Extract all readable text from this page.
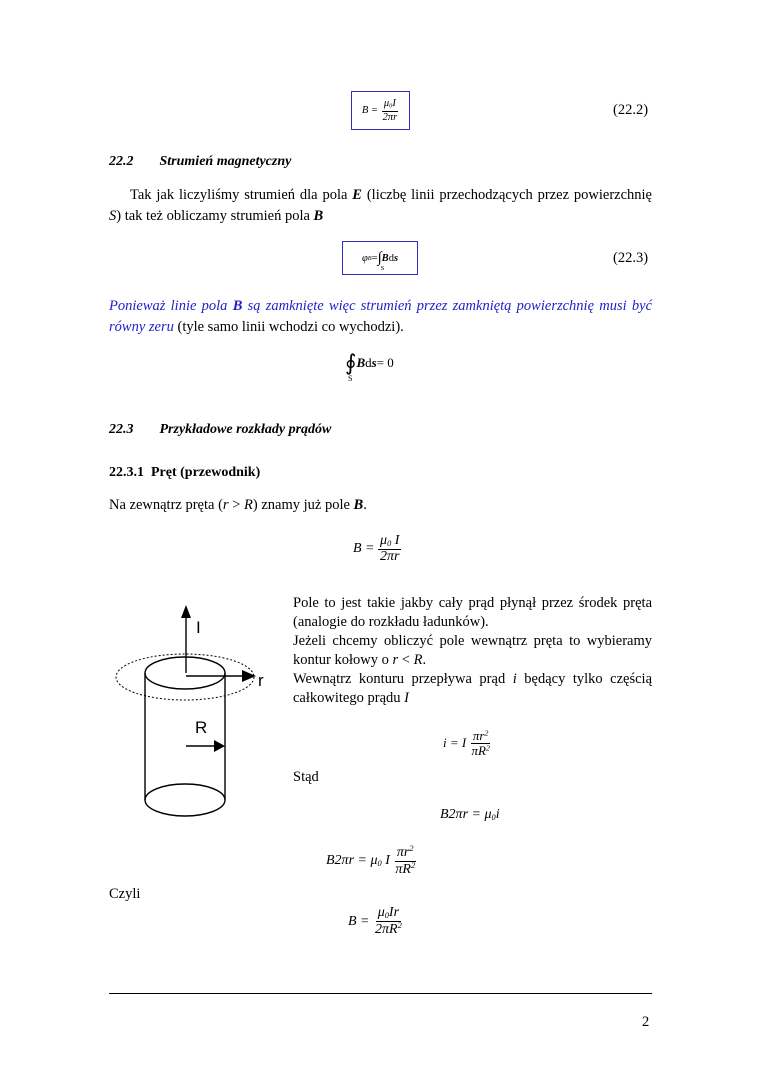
B =
$\frac{\mu_0I}{2\pi r}$	(22.2)
22.2 Strumień magnetyczny
Tak jak liczyliśmy strumień dla pola E (liczbę linii przechodzących przez powierzchnię S) tak też obliczamy strumień pola B
φ B = ∫
S
B d s	(22.3)
Ponieważ linie pola B są zamknięte więc strumień przez zamkniętą powierzchnię musi być równy zeru (tyle samo linii wchodzi co wychodzi).
∮
S
B d s = 0
22.3 Przykładowe rozkłady prądów
22.3.1  Pręt (przewodnik)
Na zewnątrz pręta (r > R) znamy już pole B.
B =
$\frac{\mu_0 I}{2\pi r}$
I
r
R
Pole to jest takie jakby cały prąd płynął przez środek pręta (analogie do rozkładu ładunków).
Jeżeli chcemy obliczyć pole wewnątrz pręta to wybieramy kontur kołowy o r < R.
Wewnątrz konturu przepływa prąd i będący tylko częścią całkowitego prądu I
i = I
$\frac{\pi r^2}{\pi R^2}$
Stąd
$B2\pi r = \mu_0i$
$B2\pi r = \mu_0$ I
$\frac{\pi r^2}{\pi R^2}$
Czyli
B =
$\frac{\mu_0Ir}{2\pi R^2}$
2
